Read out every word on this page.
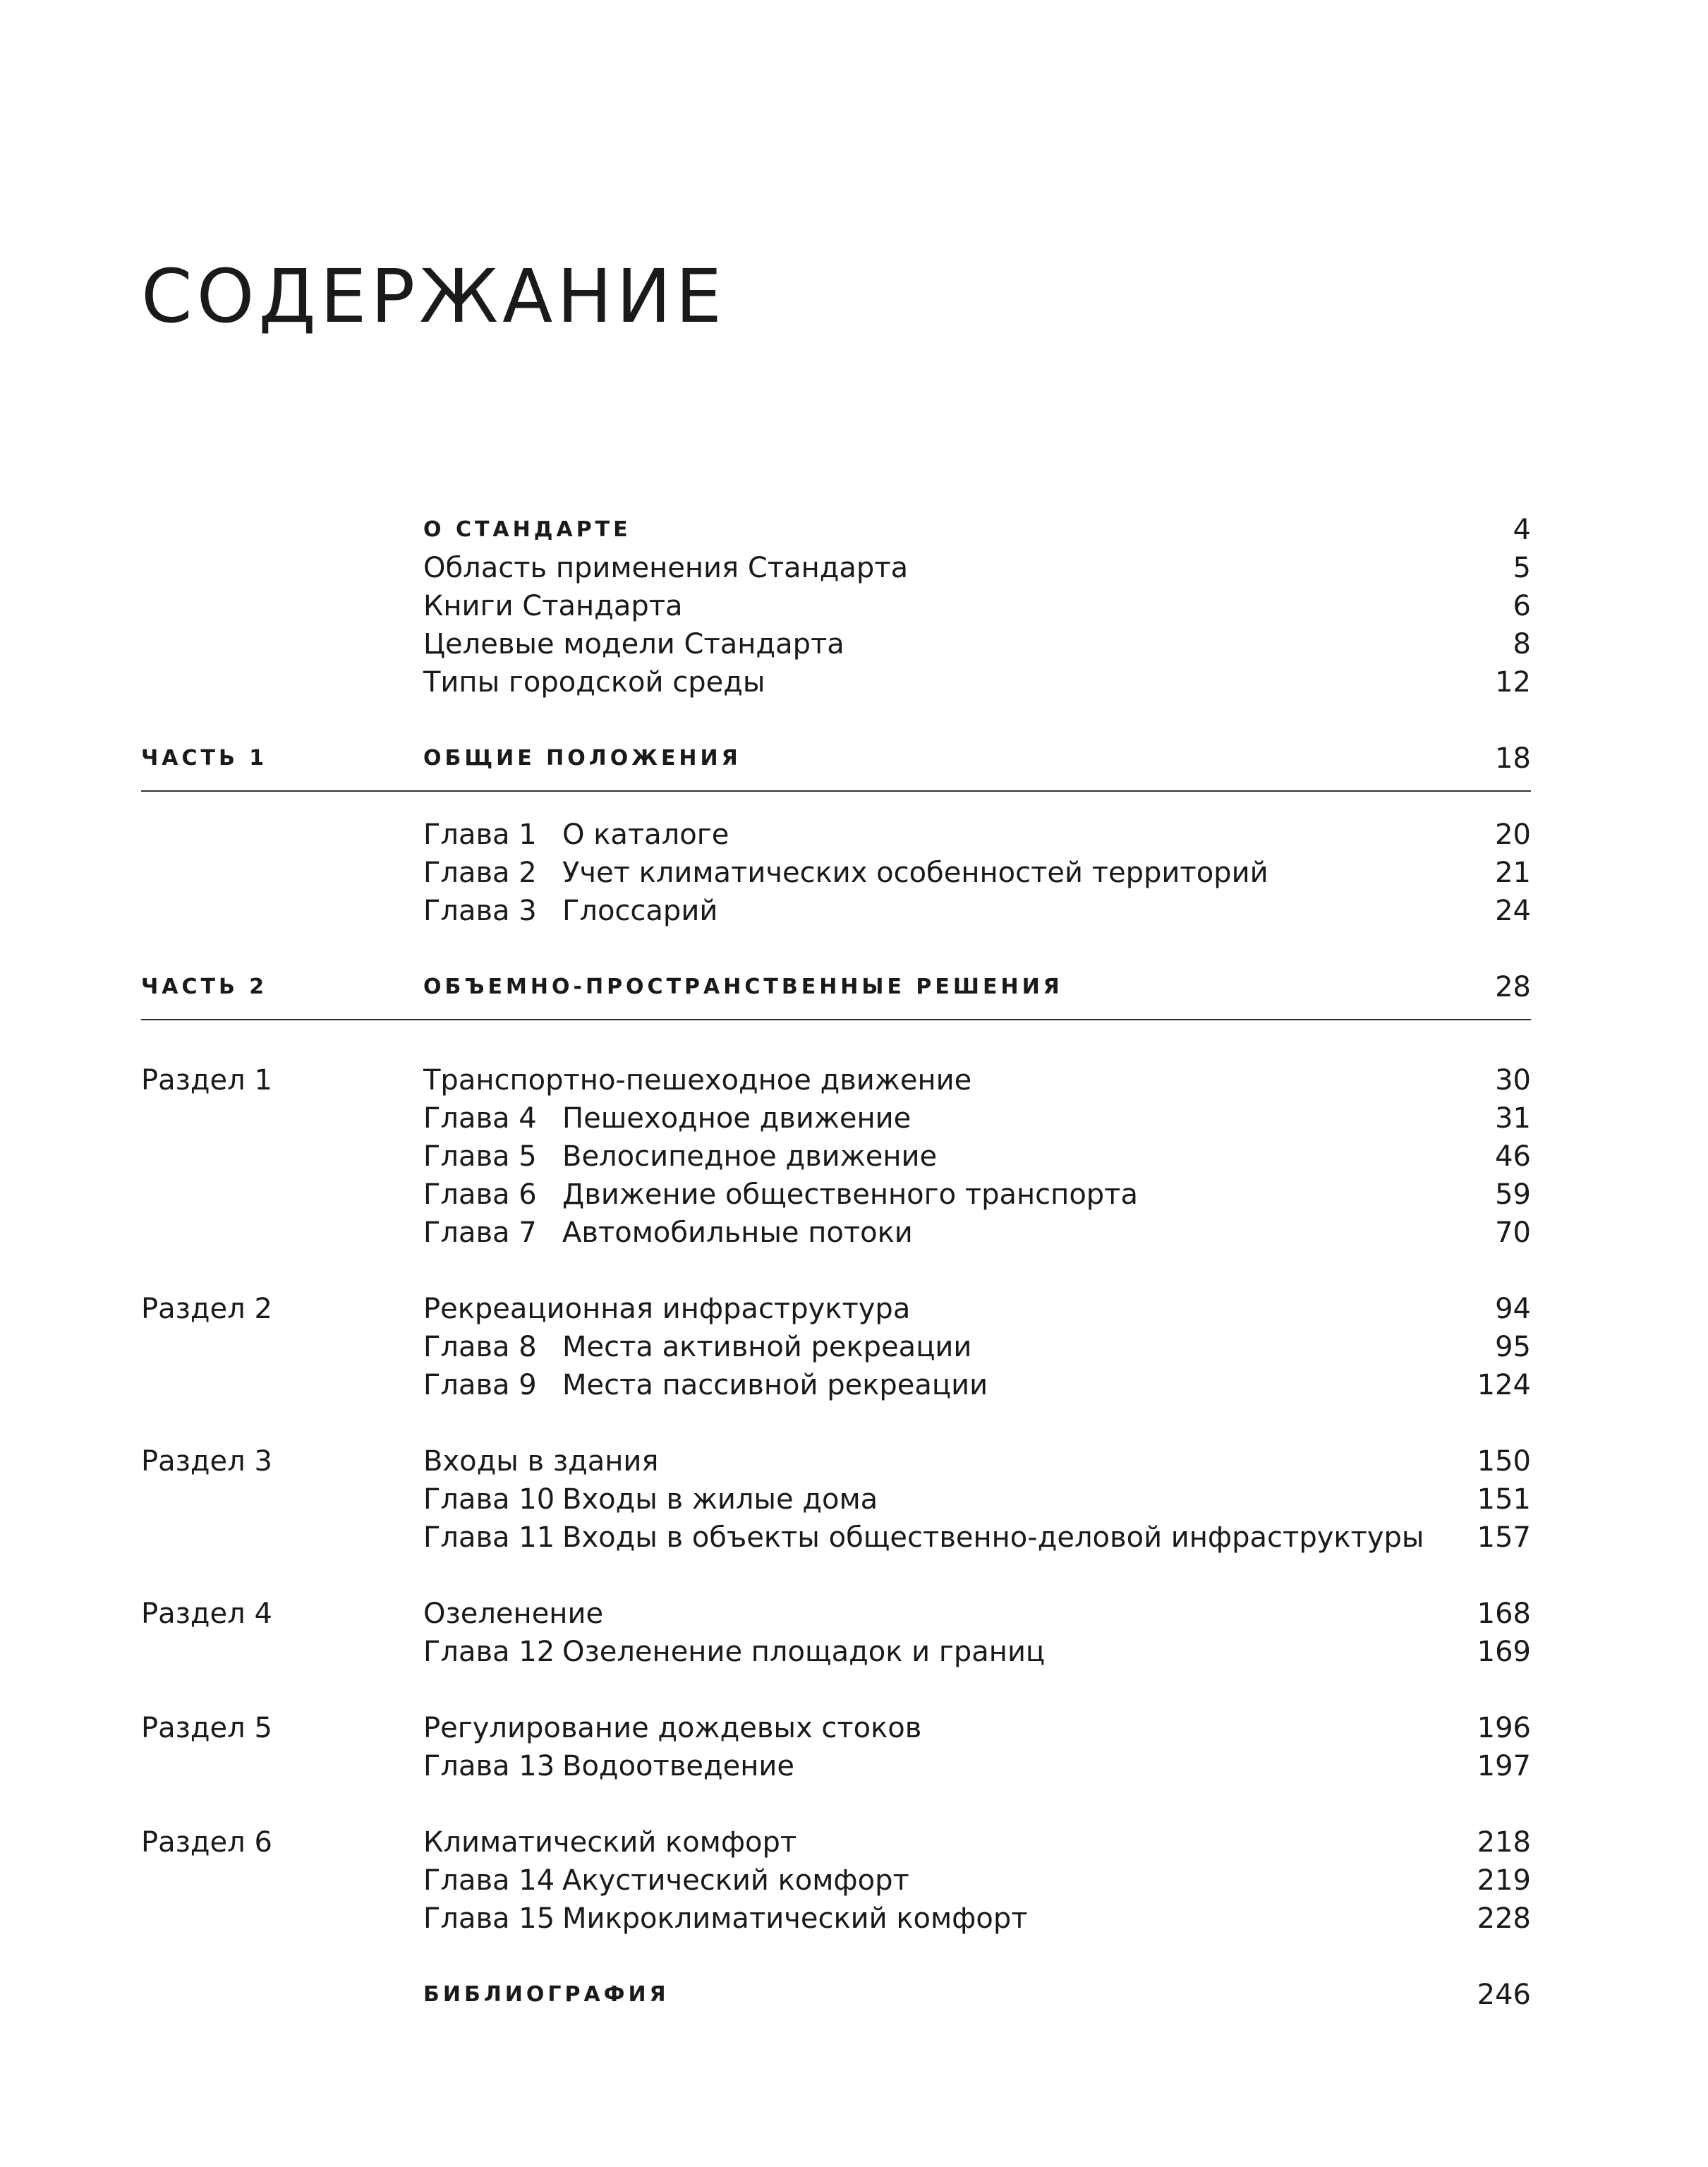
СОДЕРЖАНИЕ
О СТАНДАРТЕ	4
Область применения Стандарта	5
Книги Стандарта	6
Целевые модели Стандарта	8
Типы городской среды	12
ЧАСТЬ 1	ОБЩИЕ ПОЛОЖЕНИЯ	18
Глава 1 О каталоге	20
Глава 2 Учет климатических особенностей территорий	21
Глава 3 Глоссарий	24
ЧАСТЬ 2	ОБЪЕМНО-ПРОСТРАНСТВЕННЫЕ РЕШЕНИЯ	28
Раздел 1	Транспортно-пешеходное движение	30
Глава 4 Пешеходное движение	31
Глава 5 Велосипедное движение	46
Глава 6 Движение общественного транспорта	59
Глава 7 Автомобильные потоки	70
Раздел 2	Рекреационная инфраструктура	94
Глава 8 Места активной рекреации	95
Глава 9 Места пассивной рекреации	124
Раздел 3	Входы в здания	150
Глава 10 Входы в жилые дома	151
Глава 11 Входы в объекты общественно-деловой инфраструктуры 157
Раздел 4	Озеленение	168
Глава 12 Озеленение площадок и границ	169
Раздел 5	Регулирование дождевых стоков	196
Глава 13 Водоотведение	197
Раздел 6	Климатический комфорт	218
Глава 14 Акустический комфорт	219
Глава 15 Микроклиматический комфорт	228
БИБЛИОГРАФИЯ	246
